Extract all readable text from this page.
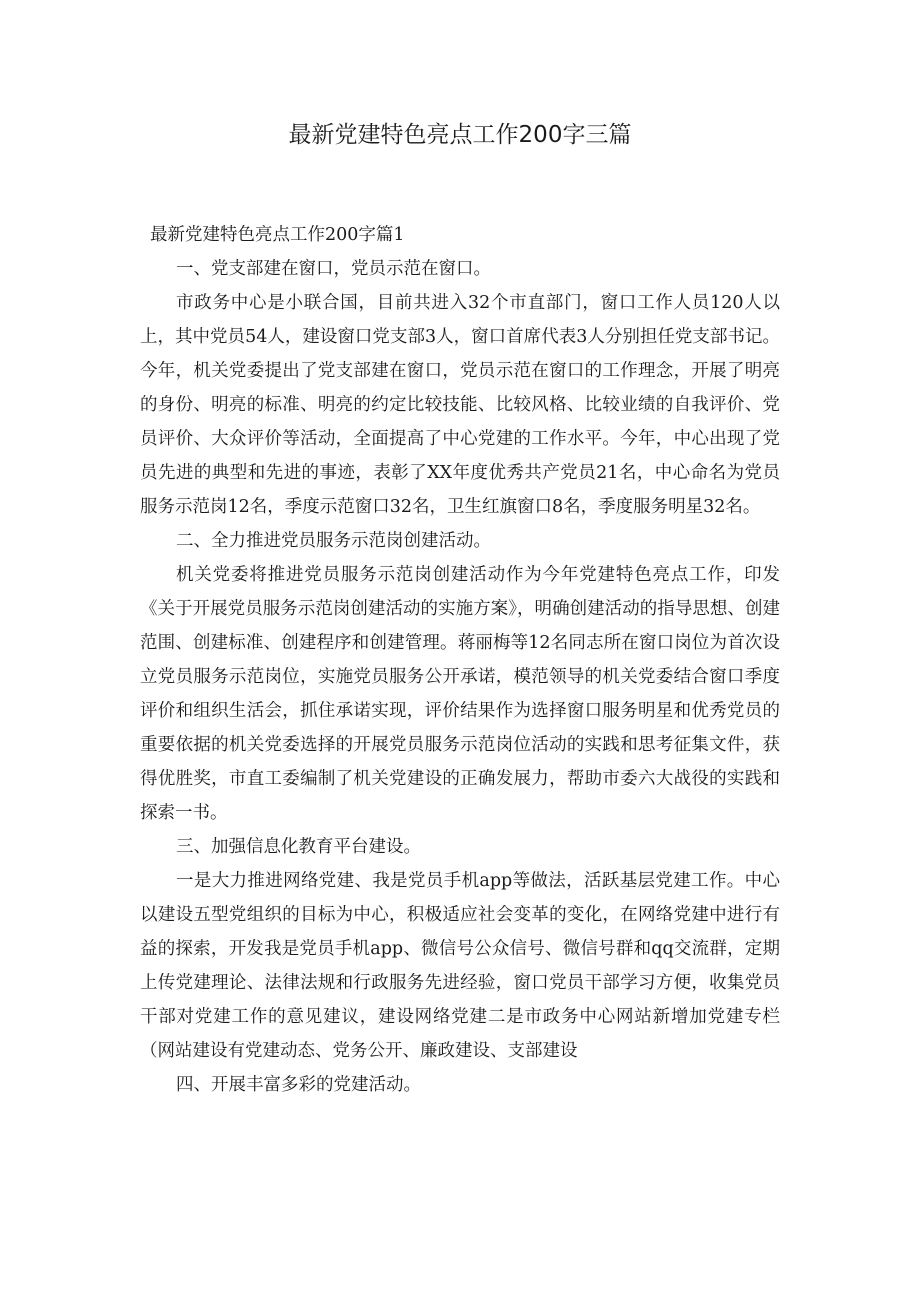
最新党建特色亮点工作200字三篇

最新党建特色亮点工作200字篇1

一、党支部建在窗口，党员示范在窗口。

市政务中心是小联合国，目前共进入32个市直部门，窗口工作人员120人以上，其中党员54人，建设窗口党支部3人，窗口首席代表3人分别担任党支部书记。今年，机关党委提出了党支部建在窗口，党员示范在窗口的工作理念，开展了明亮的身份、明亮的标准、明亮的约定比较技能、比较风格、比较业绩的自我评价、党员评价、大众评价等活动，全面提高了中心党建的工作水平。今年，中心出现了党员先进的典型和先进的事迹，表彰了XX年度优秀共产党员21名，中心命名为党员服务示范岗12名，季度示范窗口32名，卫生红旗窗口8名，季度服务明星32名。

二、全力推进党员服务示范岗创建活动。

机关党委将推进党员服务示范岗创建活动作为今年党建特色亮点工作，印发《关于开展党员服务示范岗创建活动的实施方案》，明确创建活动的指导思想、创建范围、创建标准、创建程序和创建管理。蒋丽梅等12名同志所在窗口岗位为首次设立党员服务示范岗位，实施党员服务公开承诺，模范领导的机关党委结合窗口季度评价和组织生活会，抓住承诺实现，评价结果作为选择窗口服务明星和优秀党员的重要依据的机关党委选择的开展党员服务示范岗位活动的实践和思考征集文件，获得优胜奖，市直工委编制了机关党建设的正确发展力，帮助市委六大战役的实践和探索一书。

三、加强信息化教育平台建设。

一是大力推进网络党建、我是党员手机app等做法，活跃基层党建工作。中心以建设五型党组织的目标为中心，积极适应社会变革的变化，在网络党建中进行有益的探索，开发我是党员手机app、微信号公众信号、微信号群和qq交流群，定期上传党建理论、法律法规和行政服务先进经验，窗口党员干部学习方便，收集党员干部对党建工作的意见建议，建设网络党建二是市政务中心网站新增加党建专栏（网站建设有党建动态、党务公开、廉政建设、支部建设

四、开展丰富多彩的党建活动。
